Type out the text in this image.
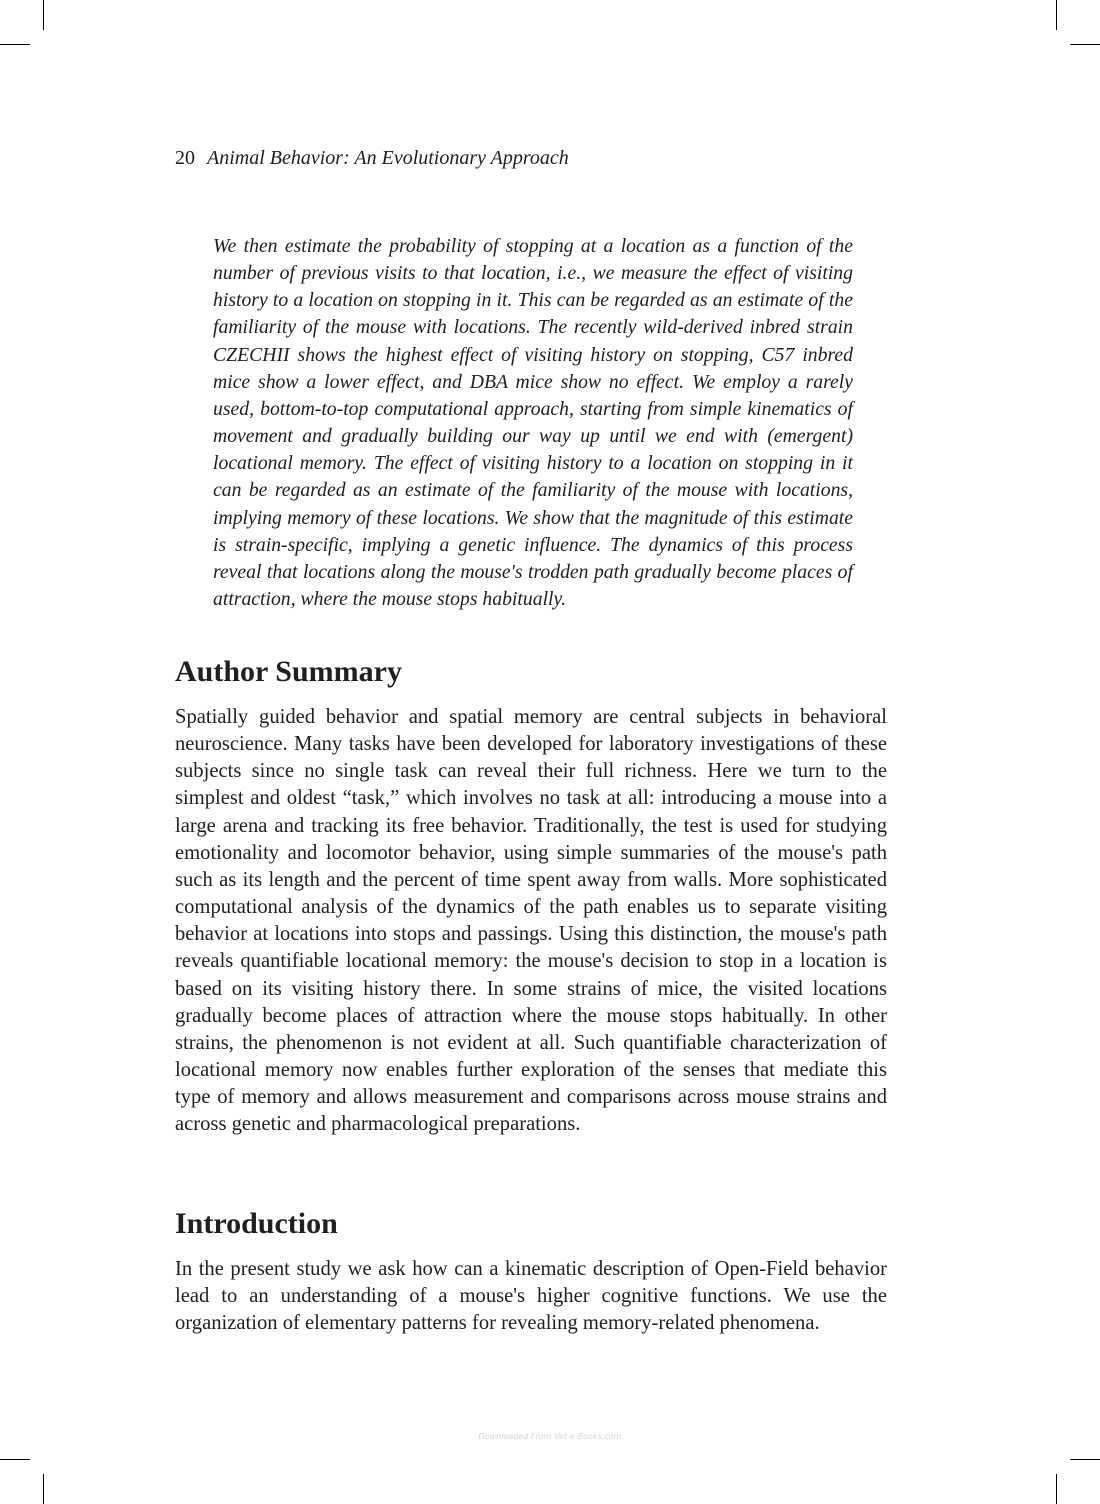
20 Animal Behavior: An Evolutionary Approach

We then estimate the probability of stopping at a location as a function of the number of previous visits to that location, i.e., we measure the effect of visiting history to a location on stopping in it. This can be regarded as an estimate of the familiarity of the mouse with locations. The recently wild-derived inbred strain CZECHII shows the highest effect of visiting history on stopping, C57 inbred mice show a lower effect, and DBA mice show no effect. We employ a rarely used, bottom-to-top computational approach, starting from simple kinematics of movement and gradually building our way up until we end with (emergent) locational memory. The effect of visiting history to a location on stopping in it can be regarded as an estimate of the familiarity of the mouse with locations, implying memory of these locations. We show that the magnitude of this estimate is strain-specific, implying a genetic influence. The dynamics of this process reveal that locations along the mouse's trodden path gradually become places of attraction, where the mouse stops habitually.

Author Summary

Spatially guided behavior and spatial memory are central subjects in behavioral neuroscience. Many tasks have been developed for laboratory investigations of these subjects since no single task can reveal their full richness. Here we turn to the simplest and oldest “task,” which involves no task at all: introducing a mouse into a large arena and tracking its free behavior. Traditionally, the test is used for studying emotionality and locomotor behavior, using simple summaries of the mouse's path such as its length and the percent of time spent away from walls. More sophisticated computational analysis of the dynamics of the path enables us to separate visiting behavior at locations into stops and passings. Using this distinction, the mouse's path reveals quantifiable locational memory: the mouse's decision to stop in a location is based on its visiting history there. In some strains of mice, the visited locations gradually become places of attraction where the mouse stops habitually. In other strains, the phenomenon is not evident at all. Such quantifiable characterization of locational memory now enables further exploration of the senses that mediate this type of memory and allows measurement and comparisons across mouse strains and across genetic and pharmacological preparations.

Introduction

In the present study we ask how can a kinematic description of Open-Field behavior lead to an understanding of a mouse's higher cognitive functions. We use the organization of elementary patterns for revealing memory-related phenomena.

Downloaded From Vet-e-Books.com
